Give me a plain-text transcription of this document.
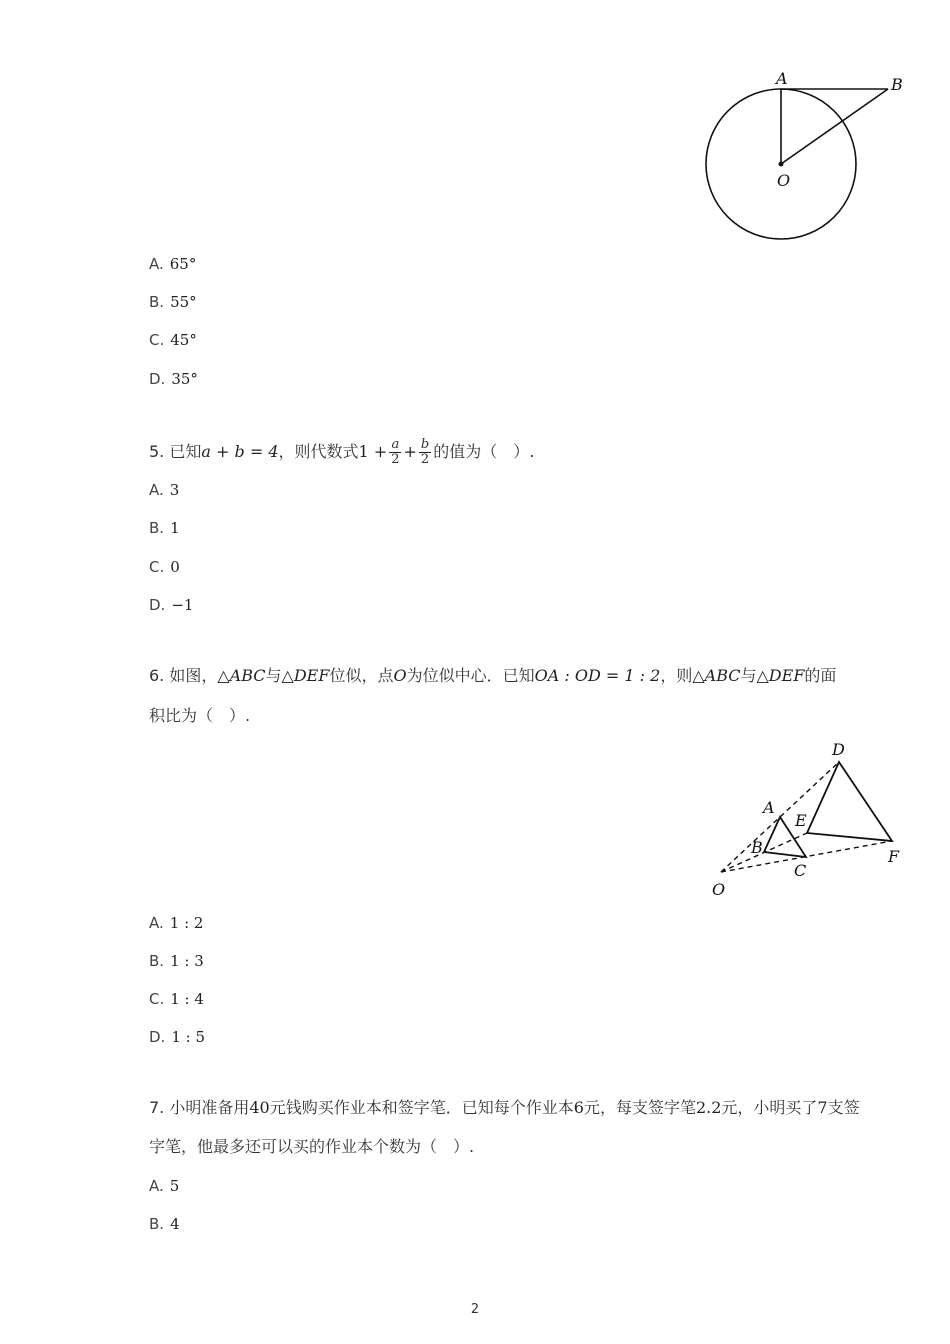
A	B
O
A. 65°
B. 55°
C. 45°
D. 35°
5. 已知a + b = 4，则代数式$1 + \frac{a}{2} + \frac{b}{2}$ 的值为（　）.
A. 3
B. 1
C. 0
D. −1
6. 如图，△ABC与△DEF位似，点O为位似中心．已知OA : OD = 1 : 2，则△ABC与△DEF的面
积比为（　）.
D
A
E
B
C
F
O
A. 1 : 2
B. 1 : 3
C. 1 : 4
D. 1 : 5
7. 小明准备用40元钱购买作业本和签字笔．已知每个作业本6元，每支签字笔2.2元，小明买了7支签
字笔，他最多还可以买的作业本个数为（　）.
A. 5
B. 4
2
